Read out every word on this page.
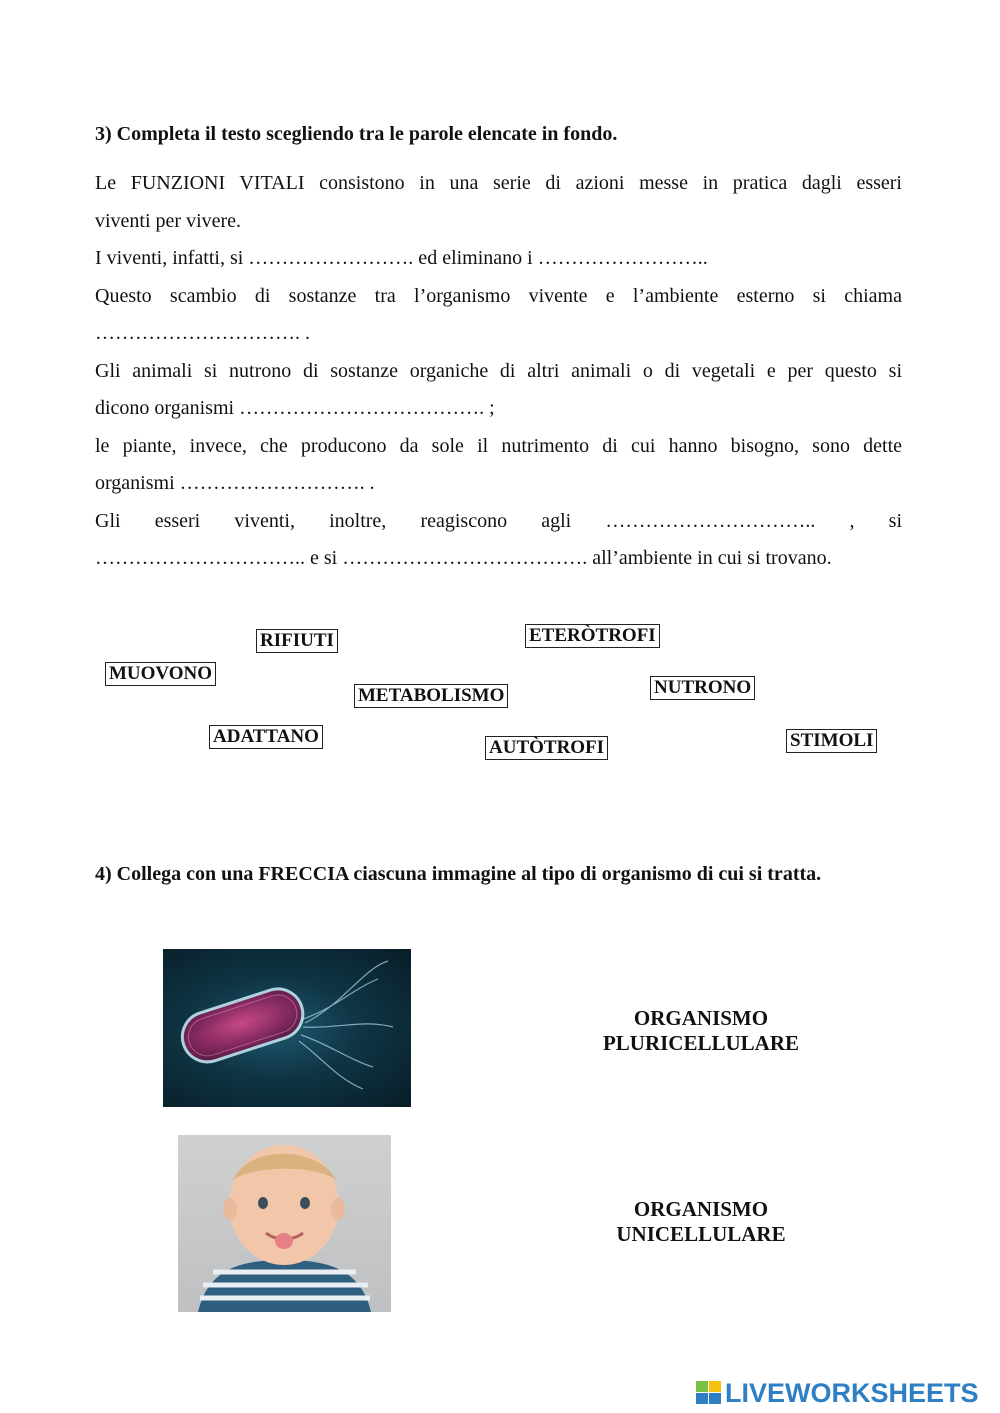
3) Completa il testo scegliendo tra le parole elencate in fondo.

Le FUNZIONI VITALI consistono in una serie di azioni messe in pratica dagli esseri

viventi per vivere.

I viventi, infatti, si ……………………. ed eliminano i ……………………..

Questo scambio di sostanze tra l’organismo vivente e l’ambiente esterno si chiama

…………………………. .

Gli animali si nutrono di sostanze organiche di altri animali o di vegetali e per questo si

dicono organismi ………………………………. ;

le piante, invece, che producono da sole il nutrimento di cui hanno bisogno, sono dette

organismi ………………………. .

Gli esseri viventi, inoltre, reagiscono agli ………………………….. , si

………………………….. e si ………………………………. all’ambiente in cui si trovano.

RIFIUTI	ETERÒTROFI
MUOVONO
METABOLISMO	NUTRONO
ADATTANO
AUTÒTROFI	STIMOLI
4) Collega con una FRECCIA ciascuna immagine al tipo di organismo di cui si tratta.
ORGANISMO
PLURICELLULARE
ORGANISMO
UNICELLULARE
LIVEWORKSHEETS
